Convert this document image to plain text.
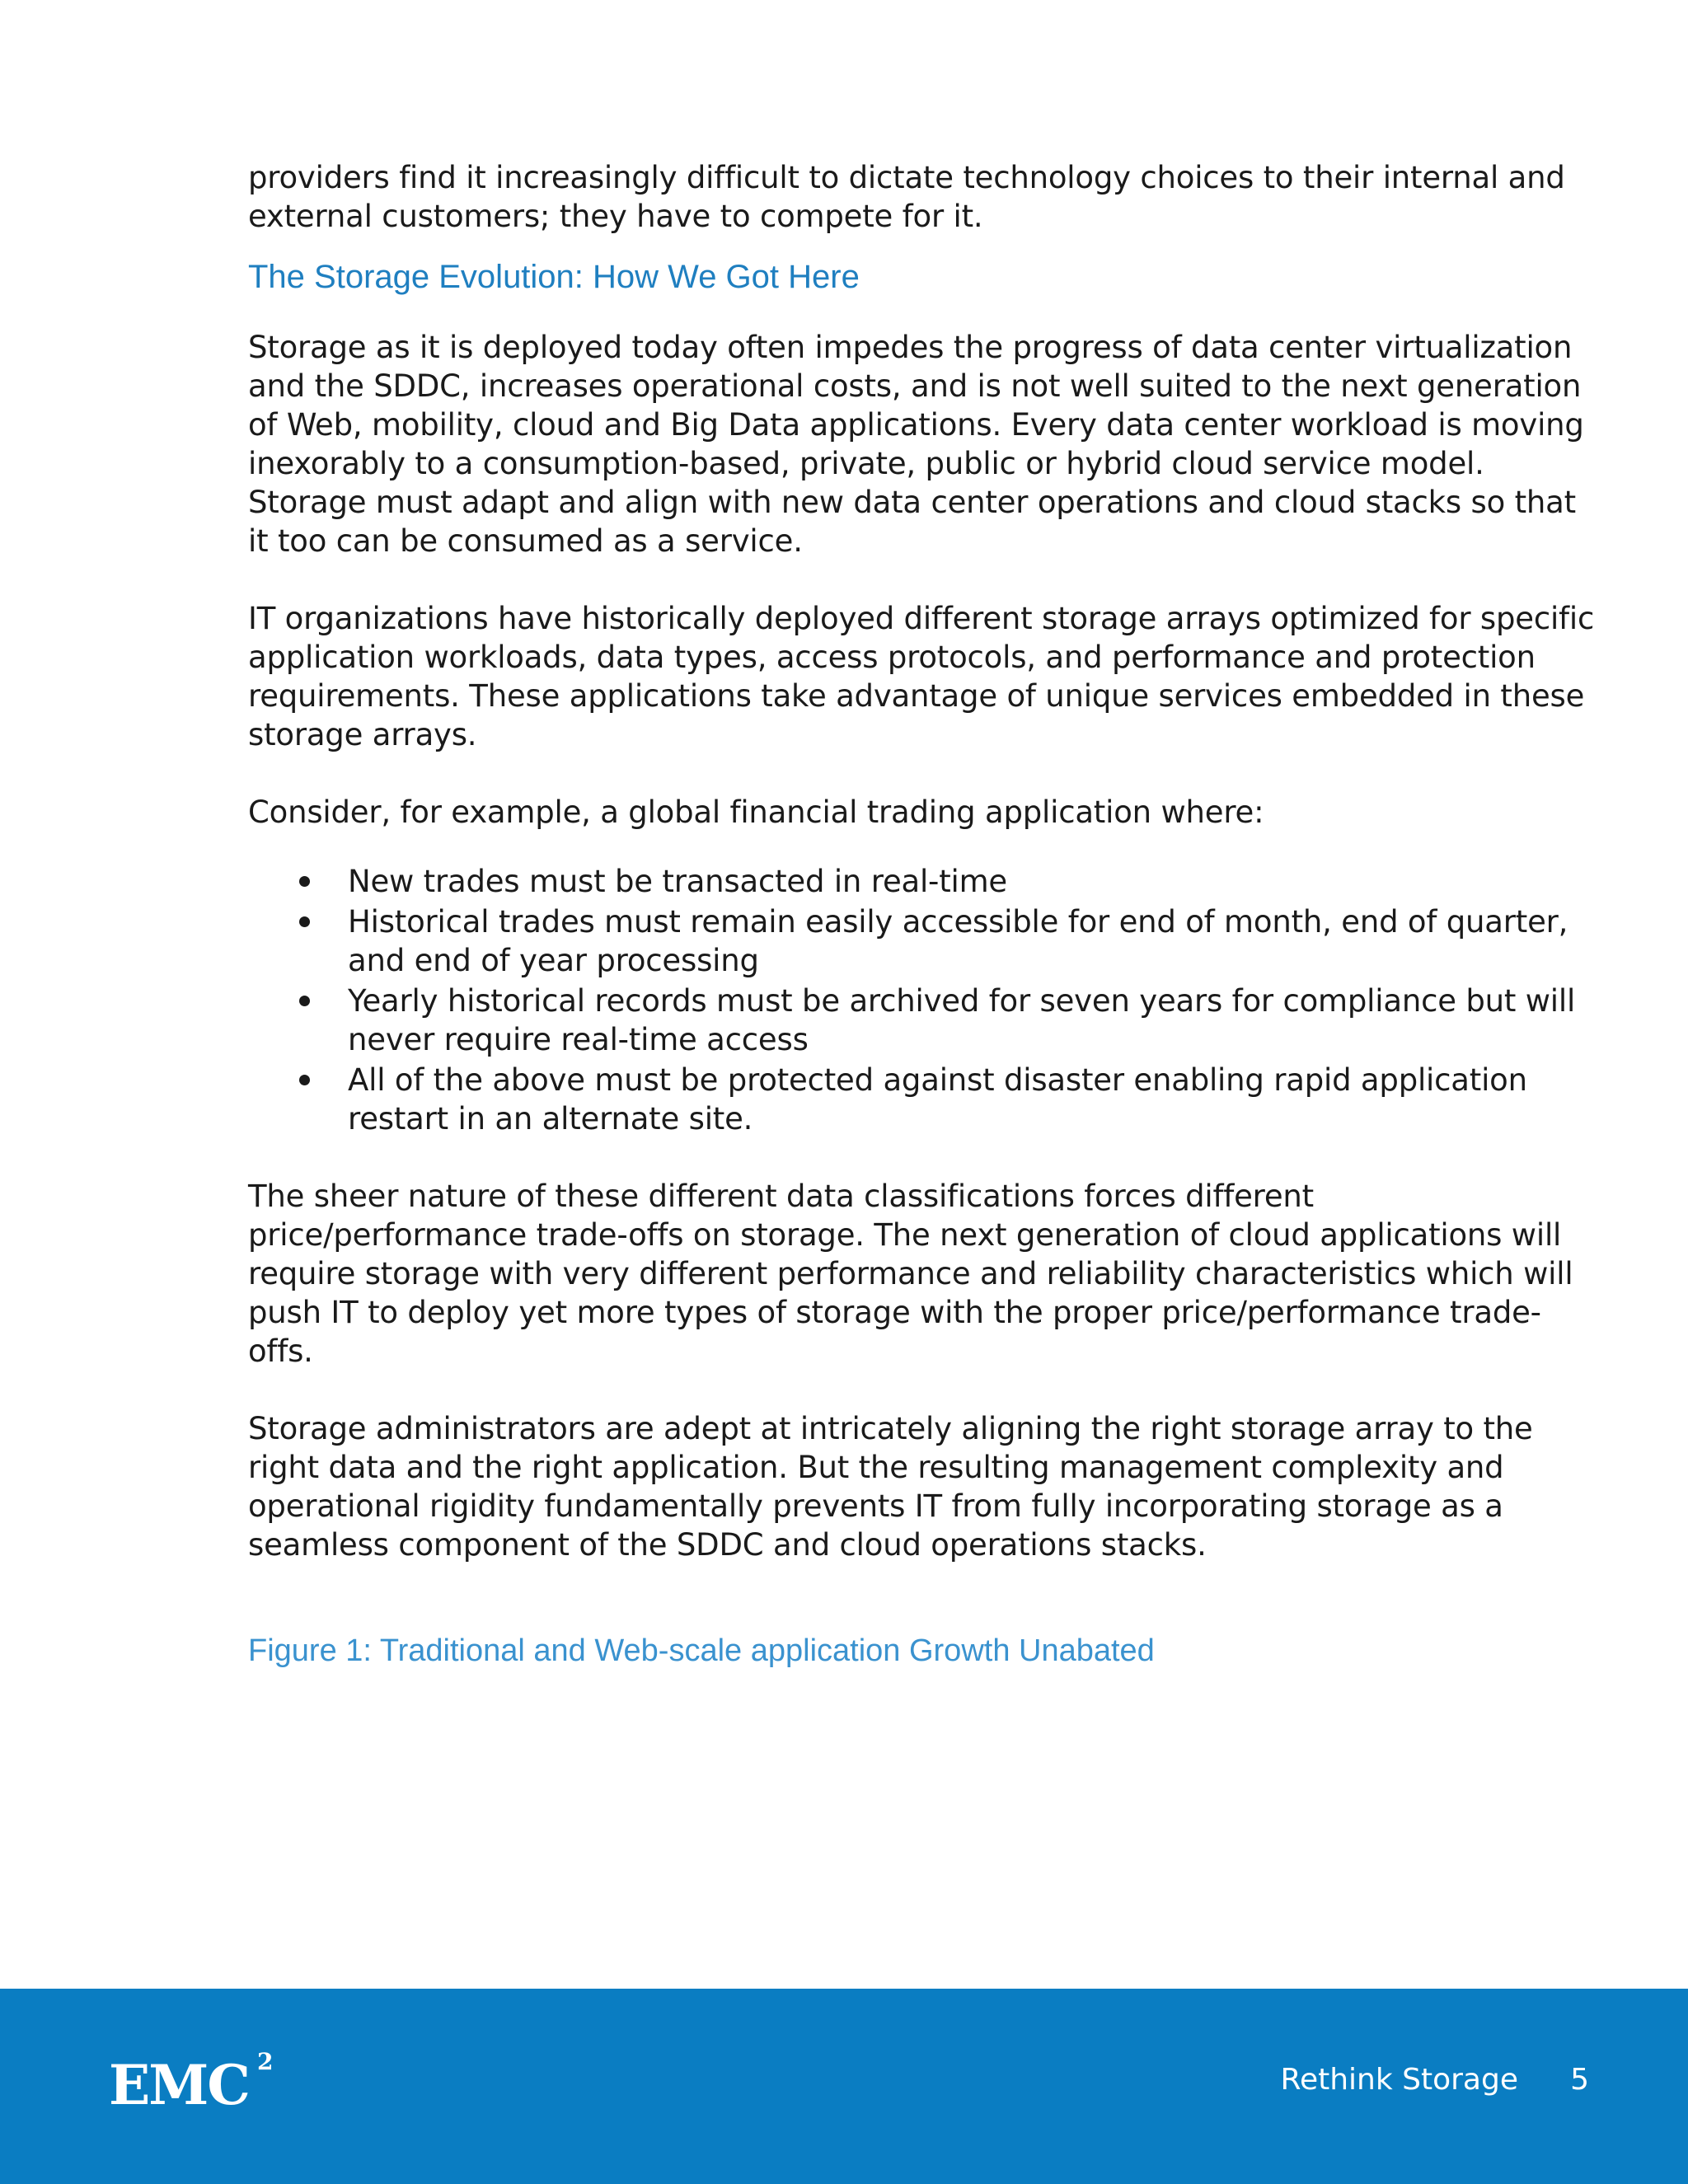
providers find it increasingly difficult to dictate technology choices to their internal and external customers; they have to compete for it.

The Storage Evolution: How We Got Here

Storage as it is deployed today often impedes the progress of data center virtualization and the SDDC, increases operational costs, and is not well suited to the next generation of Web, mobility, cloud and Big Data applications. Every data center workload is moving inexorably to a consumption-based, private, public or hybrid cloud service model. Storage must adapt and align with new data center operations and cloud stacks so that it too can be consumed as a service.

IT organizations have historically deployed different storage arrays optimized for specific application workloads, data types, access protocols, and performance and protection requirements. These applications take advantage of unique services embedded in these storage arrays.

Consider, for example, a global financial trading application where:

New trades must be transacted in real-time
Historical trades must remain easily accessible for end of month, end of quarter, and end of year processing
Yearly historical records must be archived for seven years for compliance but will never require real-time access
All of the above must be protected against disaster enabling rapid application restart in an alternate site.

The sheer nature of these different data classifications forces different price/performance trade-offs on storage. The next generation of cloud applications will require storage with very different performance and reliability characteristics which will push IT to deploy yet more types of storage with the proper price/performance trade-offs.

Storage administrators are adept at intricately aligning the right storage array to the right data and the right application. But the resulting management complexity and operational rigidity fundamentally prevents IT from fully incorporating storage as a seamless component of the SDDC and cloud operations stacks.

Figure 1: Traditional and Web-scale application Growth Unabated
EMC 2
Rethink Storage 5
